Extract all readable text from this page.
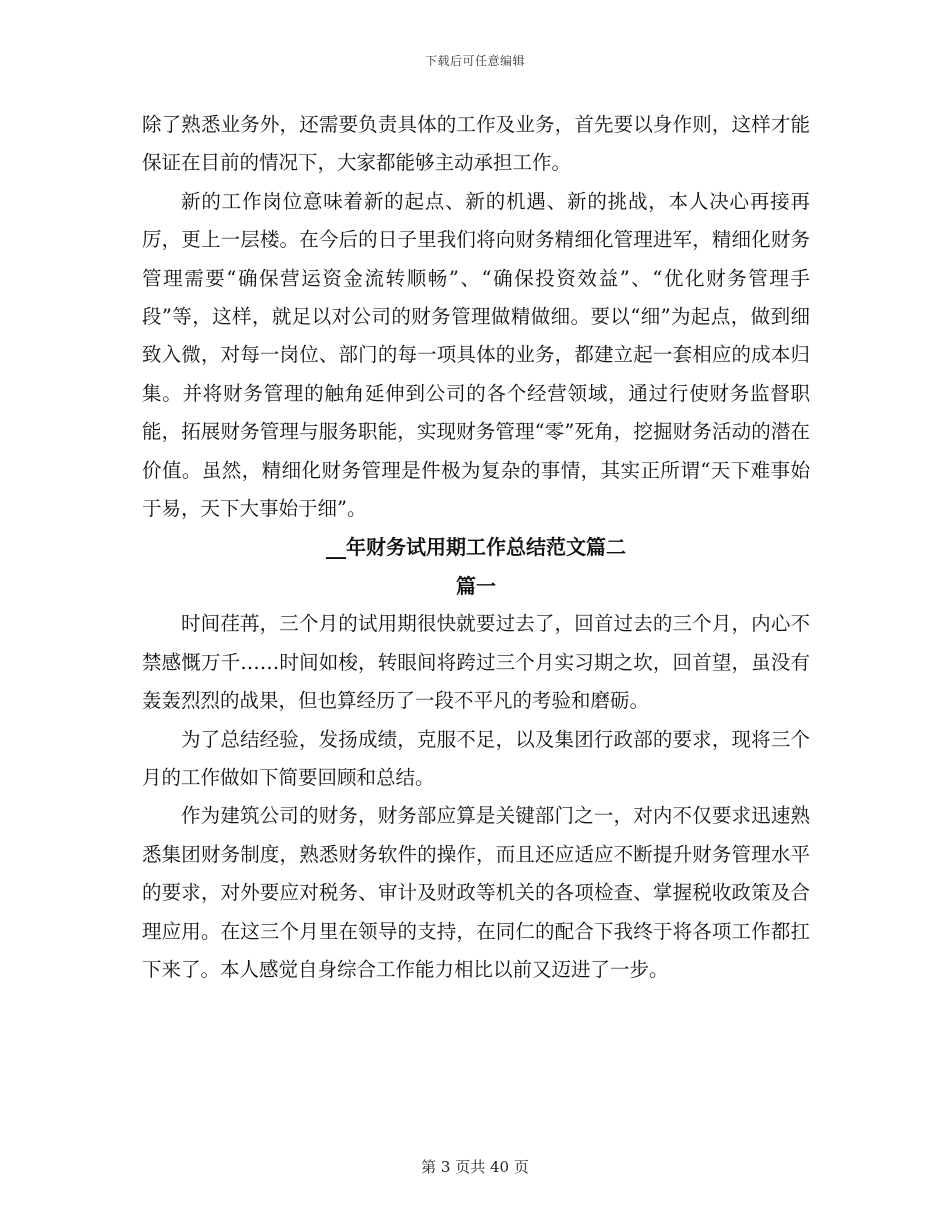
下载后可任意编辑

除了熟悉业务外，还需要负责具体的工作及业务，首先要以身作则，这样才能保证在目前的情况下，大家都能够主动承担工作。

新的工作岗位意味着新的起点、新的机遇、新的挑战，本人决心再接再厉，更上一层楼。在今后的日子里我们将向财务精细化管理进军，精细化财务管理需要“确保营运资金流转顺畅”、“确保投资效益”、“优化财务管理手段”等，这样，就足以对公司的财务管理做精做细。要以“细”为起点，做到细致入微，对每一岗位、部门的每一项具体的业务，都建立起一套相应的成本归集。并将财务管理的触角延伸到公司的各个经营领域，通过行使财务监督职能，拓展财务管理与服务职能，实现财务管理“零”死角，挖掘财务活动的潜在价值。虽然，精细化财务管理是件极为复杂的事情，其实正所谓“天下难事始于易，天下大事始于细”。

__年财务试用期工作总结范文篇二

篇一

时间荏苒，三个月的试用期很快就要过去了，回首过去的三个月，内心不禁感慨万千……时间如梭，转眼间将跨过三个月实习期之坎，回首望，虽没有轰轰烈烈的战果，但也算经历了一段不平凡的考验和磨砺。

为了总结经验，发扬成绩，克服不足，以及集团行政部的要求，现将三个月的工作做如下简要回顾和总结。

作为建筑公司的财务，财务部应算是关键部门之一，对内不仅要求迅速熟悉集团财务制度，熟悉财务软件的操作，而且还应适应不断提升财务管理水平的要求，对外要应对税务、审计及财政等机关的各项检查、掌握税收政策及合理应用。在这三个月里在领导的支持，在同仁的配合下我终于将各项工作都扛下来了。本人感觉自身综合工作能力相比以前又迈进了一步。

第 3 页共 40 页
